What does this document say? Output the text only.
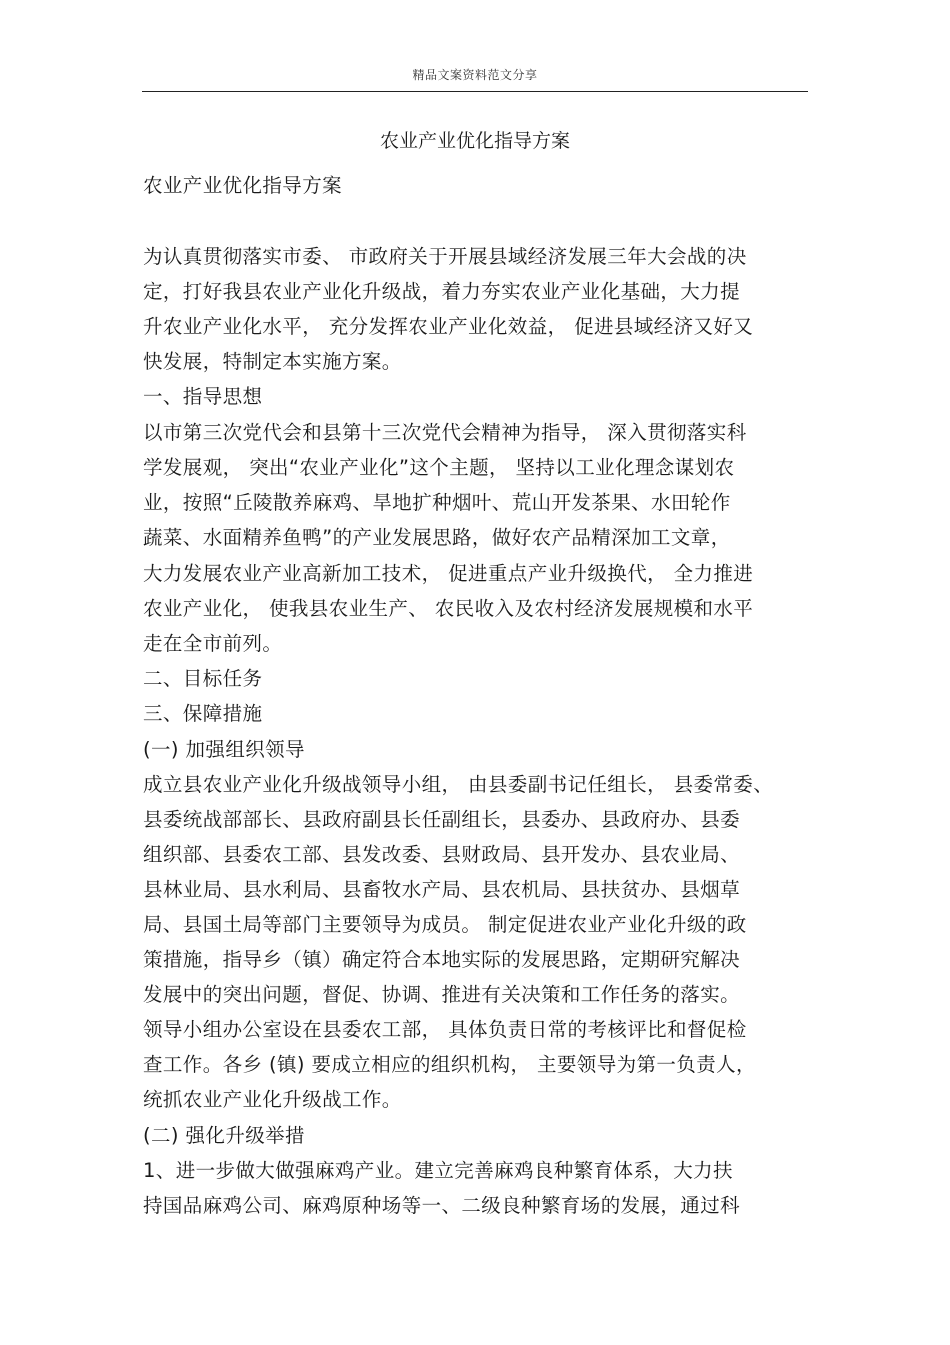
精品文案资料范文分享
农业产业优化指导方案
农业产业优化指导方案
为认真贯彻落实市委、 市政府关于开展县域经济发展三年大会战的决
定，打好我县农业产业化升级战，着力夯实农业产业化基础，大力提
升农业产业化水平， 充分发挥农业产业化效益， 促进县域经济又好又
快发展，特制定本实施方案。
一、指导思想
以市第三次党代会和县第十三次党代会精神为指导， 深入贯彻落实科
学发展观， 突出“农业产业化”这个主题， 坚持以工业化理念谋划农
业，按照“丘陵散养麻鸡、旱地扩种烟叶、荒山开发茶果、水田轮作
蔬菜、水面精养鱼鸭”的产业发展思路，做好农产品精深加工文章，
大力发展农业产业高新加工技术， 促进重点产业升级换代， 全力推进
农业产业化， 使我县农业生产、 农民收入及农村经济发展规模和水平
走在全市前列。
二、目标任务
三、保障措施
(一) 加强组织领导
成立县农业产业化升级战领导小组， 由县委副书记任组长， 县委常委、
县委统战部部长、县政府副县长任副组长，县委办、县政府办、县委
组织部、县委农工部、县发改委、县财政局、县开发办、县农业局、
县林业局、县水利局、县畜牧水产局、县农机局、县扶贫办、县烟草
局、县国土局等部门主要领导为成员。 制定促进农业产业化升级的政
策措施，指导乡（镇）确定符合本地实际的发展思路，定期研究解决
发展中的突出问题，督促、协调、推进有关决策和工作任务的落实。
领导小组办公室设在县委农工部， 具体负责日常的考核评比和督促检
查工作。各乡 (镇) 要成立相应的组织机构， 主要领导为第一负责人，
统抓农业产业化升级战工作。
(二) 强化升级举措
1、进一步做大做强麻鸡产业。建立完善麻鸡良种繁育体系，大力扶
持国品麻鸡公司、麻鸡原种场等一、二级良种繁育场的发展，通过科
